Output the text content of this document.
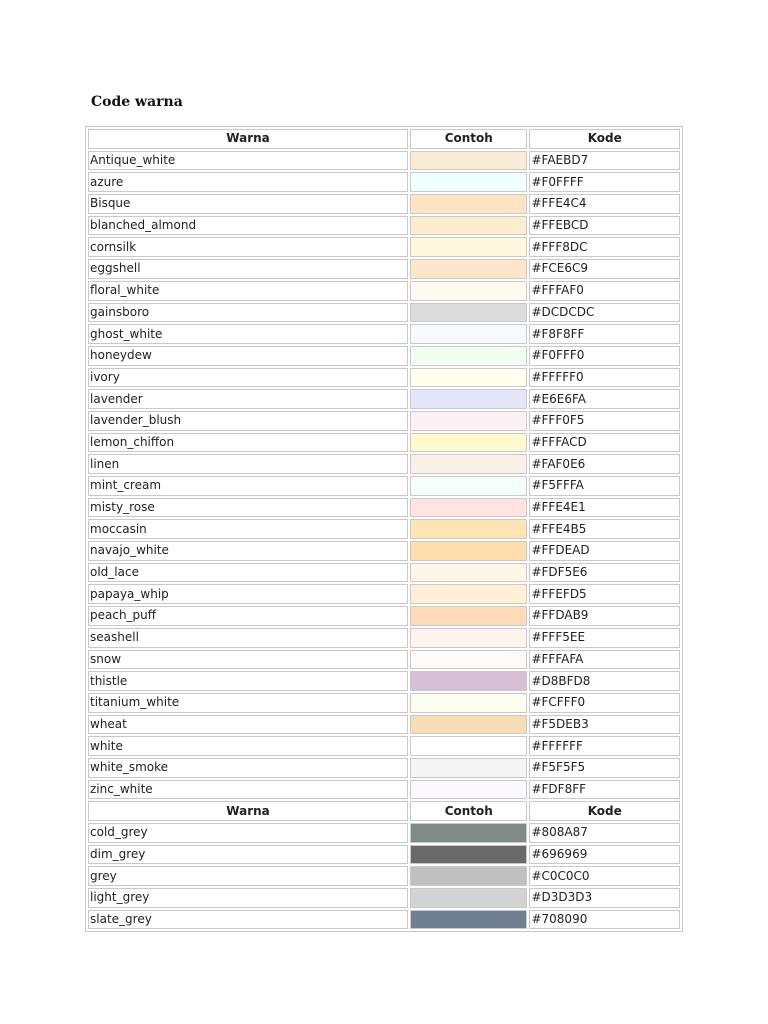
Code warna
Warna	Contoh	Kode
Antique_white		#FAEBD7
azure		#F0FFFF
Bisque		#FFE4C4
blanched_almond		#FFEBCD
cornsilk		#FFF8DC
eggshell		#FCE6C9
floral_white		#FFFAF0
gainsboro		#DCDCDC
ghost_white		#F8F8FF
honeydew		#F0FFF0
ivory		#FFFFF0
lavender		#E6E6FA
lavender_blush		#FFF0F5
lemon_chiffon		#FFFACD
linen		#FAF0E6
mint_cream		#F5FFFA
misty_rose		#FFE4E1
moccasin		#FFE4B5
navajo_white		#FFDEAD
old_lace		#FDF5E6
papaya_whip		#FFEFD5
peach_puff		#FFDAB9
seashell		#FFF5EE
snow		#FFFAFA
thistle		#D8BFD8
titanium_white		#FCFFF0
wheat		#F5DEB3
white		#FFFFFF
white_smoke		#F5F5F5
zinc_white		#FDF8FF
Warna	Contoh	Kode
cold_grey		#808A87
dim_grey		#696969
grey		#C0C0C0
light_grey		#D3D3D3
slate_grey		#708090
